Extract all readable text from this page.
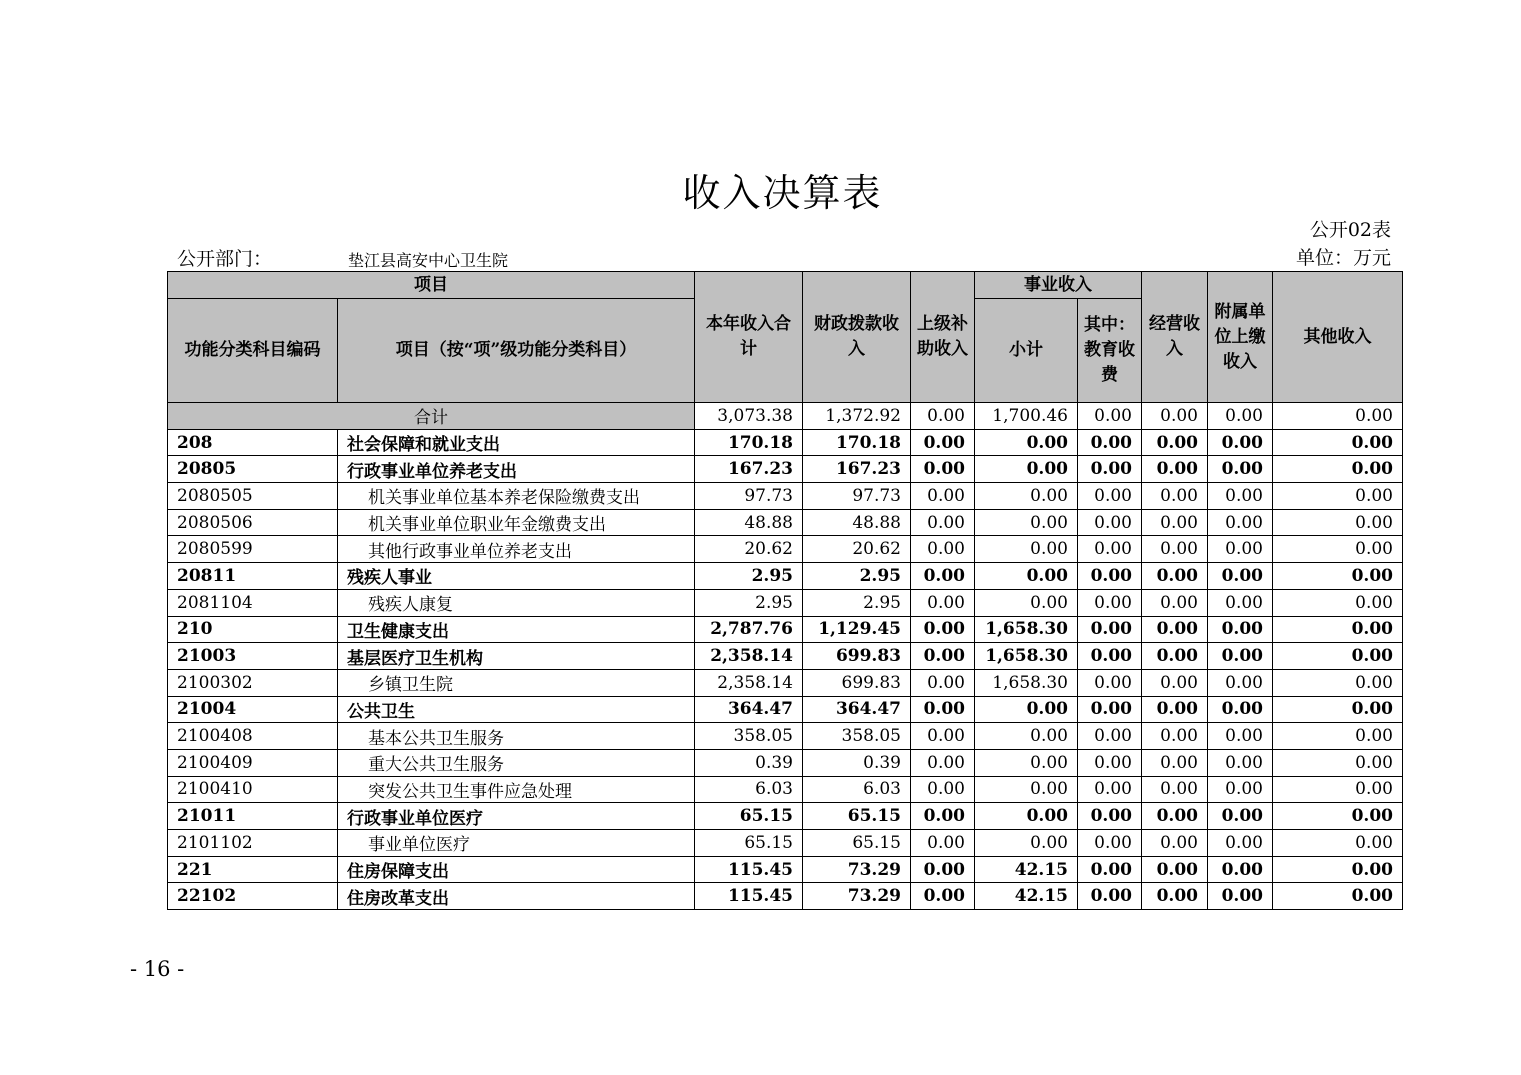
收入决算表
公开02表
公开部门：	垫江县高安中心卫生院	单位：万元
项目		本年收入合计	财政拨款收入	上级补助收入	事业收入		经营收入	附属单位上缴收入	其他收入
功能分类科目编码	项目（按“项”级功能分类科目）				小计	其中：教育收费			
合计		3,073.38	1,372.92	0.00	1,700.46	0.00	0.00	0.00	0.00
208	社会保障和就业支出	170.18	170.18	0.00	0.00	0.00	0.00	0.00	0.00
20805	行政事业单位养老支出	167.23	167.23	0.00	0.00	0.00	0.00	0.00	0.00
2080505	机关事业单位基本养老保险缴费支出	97.73	97.73	0.00	0.00	0.00	0.00	0.00	0.00
2080506	机关事业单位职业年金缴费支出	48.88	48.88	0.00	0.00	0.00	0.00	0.00	0.00
2080599	其他行政事业单位养老支出	20.62	20.62	0.00	0.00	0.00	0.00	0.00	0.00
20811	残疾人事业	2.95	2.95	0.00	0.00	0.00	0.00	0.00	0.00
2081104	残疾人康复	2.95	2.95	0.00	0.00	0.00	0.00	0.00	0.00
210	卫生健康支出	2,787.76	1,129.45	0.00	1,658.30	0.00	0.00	0.00	0.00
21003	基层医疗卫生机构	2,358.14	699.83	0.00	1,658.30	0.00	0.00	0.00	0.00
2100302	乡镇卫生院	2,358.14	699.83	0.00	1,658.30	0.00	0.00	0.00	0.00
21004	公共卫生	364.47	364.47	0.00	0.00	0.00	0.00	0.00	0.00
2100408	基本公共卫生服务	358.05	358.05	0.00	0.00	0.00	0.00	0.00	0.00
2100409	重大公共卫生服务	0.39	0.39	0.00	0.00	0.00	0.00	0.00	0.00
2100410	突发公共卫生事件应急处理	6.03	6.03	0.00	0.00	0.00	0.00	0.00	0.00
21011	行政事业单位医疗	65.15	65.15	0.00	0.00	0.00	0.00	0.00	0.00
2101102	事业单位医疗	65.15	65.15	0.00	0.00	0.00	0.00	0.00	0.00
221	住房保障支出	115.45	73.29	0.00	42.15	0.00	0.00	0.00	0.00
22102	住房改革支出	115.45	73.29	0.00	42.15	0.00	0.00	0.00	0.00
- 16 -
